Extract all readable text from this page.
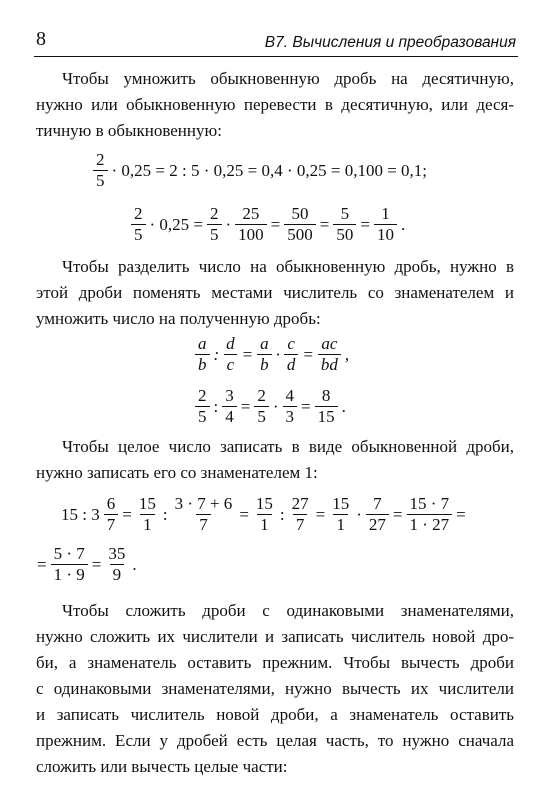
8	В7. Вычисления и преобразования
Чтобы умножить обыкновенную дробь на десятичную,
нужно или обыкновенную перевести в десятичную, или деся-
тичную в обыкновенную:
$\frac{2}{5} \cdot 0,25 = 2$ : 5 · 0,25 = 0,4 · 0,25 = 0,100 = 0,1;
$\frac{2}{5} \cdot 0,25 = \frac{2}{5} \cdot \frac{25}{100} = \frac{50}{500} = \frac{5}{50} = \frac{1}{10}$ .
Чтобы разделить число на обыкновенную дробь, нужно в
этой дроби поменять местами числитель со знаменателем и
умножить число на полученную дробь:
$\frac{a}{b}$ : $\frac{d}{c} = \frac{a}{b} \cdot \frac{c}{d} = \frac{ac}{bd}$ ,
$\frac{2}{5}$ : $\frac{3}{4} = \frac{2}{5} \cdot \frac{4}{3} = \frac{8}{15}$ .
Чтобы целое число записать в виде обыкновенной дроби,
нужно записать его со знаменателем 1:
15 : $3 \frac{6}{7} = \frac{15}{1}$ : $\frac{3 \cdot 7 + 6}{7} = \frac{15}{1}$ : $\frac{27}{7} = \frac{15}{1} \cdot \frac{7}{27} = \frac{15 \cdot 7}{1 \cdot 27}$ =
= $\frac{5 \cdot 7}{1 \cdot 9} = \frac{35}{9}$ .
Чтобы сложить дроби с одинаковыми знаменателями,
нужно сложить их числители и записать числитель новой дро-
би, а знаменатель оставить прежним. Чтобы вычесть дроби
с одинаковыми знаменателями, нужно вычесть их числители
и записать числитель новой дроби, а знаменатель оставить
прежним. Если у дробей есть целая часть, то нужно сначала
сложить или вычесть целые части:
